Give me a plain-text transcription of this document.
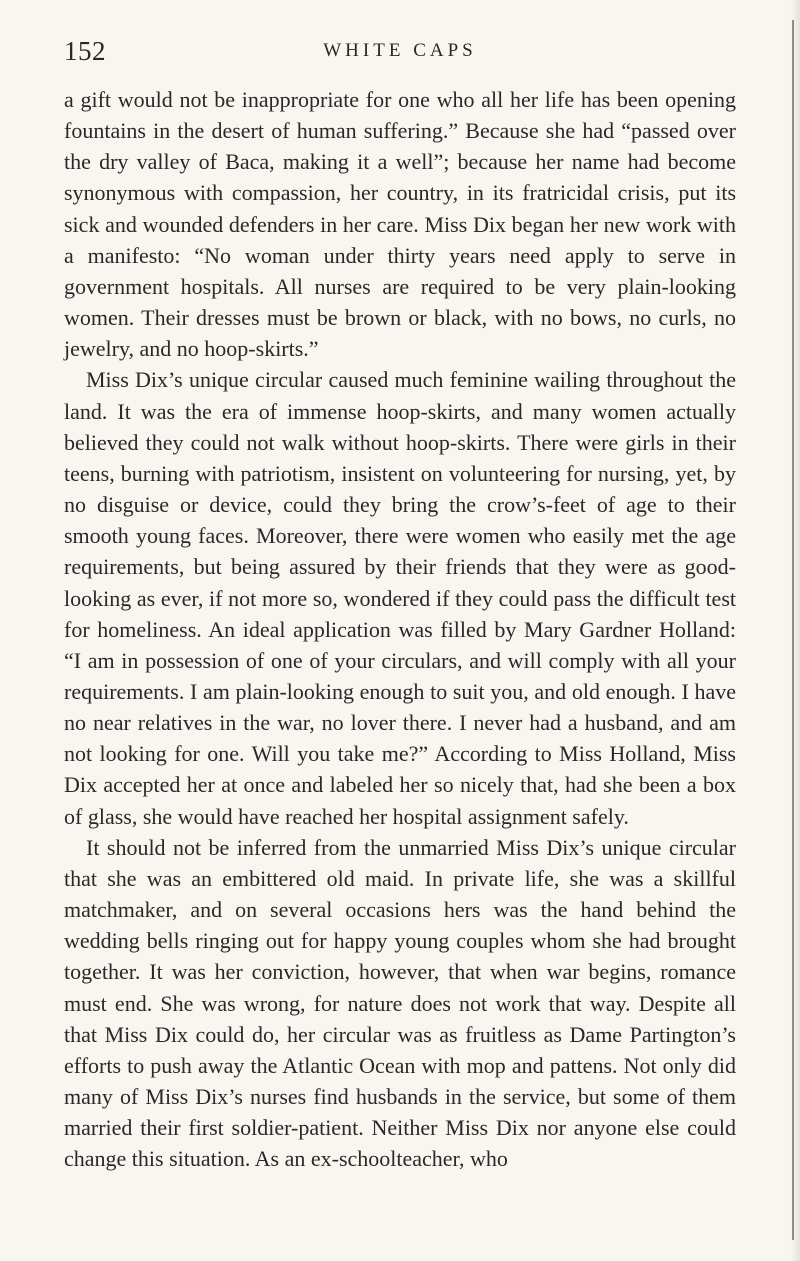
152	WHITE CAPS

a gift would not be inappropriate for one who all her life has been opening fountains in the desert of human suffering.” Because she had “passed over the dry valley of Baca, making it a well”; because her name had become synonymous with compassion, her country, in its fratricidal crisis, put its sick and wounded defenders in her care. Miss Dix began her new work with a manifesto: “No woman under thirty years need apply to serve in government hospitals. All nurses are required to be very plain-looking women. Their dresses must be brown or black, with no bows, no curls, no jewelry, and no hoop-skirts.”

Miss Dix’s unique circular caused much feminine wailing throughout the land. It was the era of immense hoop-skirts, and many women actually believed they could not walk without hoop-skirts. There were girls in their teens, burning with patriotism, insistent on volunteering for nursing, yet, by no disguise or device, could they bring the crow’s-feet of age to their smooth young faces. Moreover, there were women who easily met the age requirements, but being assured by their friends that they were as good-looking as ever, if not more so, wondered if they could pass the difficult test for homeliness. An ideal application was filled by Mary Gardner Holland: “I am in possession of one of your circulars, and will comply with all your requirements. I am plain-looking enough to suit you, and old enough. I have no near relatives in the war, no lover there. I never had a husband, and am not looking for one. Will you take me?” According to Miss Holland, Miss Dix accepted her at once and labeled her so nicely that, had she been a box of glass, she would have reached her hospital assignment safely.

It should not be inferred from the unmarried Miss Dix’s unique circular that she was an embittered old maid. In private life, she was a skillful matchmaker, and on several occasions hers was the hand behind the wedding bells ringing out for happy young couples whom she had brought together. It was her conviction, however, that when war begins, romance must end. She was wrong, for nature does not work that way. Despite all that Miss Dix could do, her circular was as fruitless as Dame Partington’s efforts to push away the Atlantic Ocean with mop and pattens. Not only did many of Miss Dix’s nurses find husbands in the service, but some of them married their first soldier-patient. Neither Miss Dix nor anyone else could change this situation. As an ex-schoolteacher, who
